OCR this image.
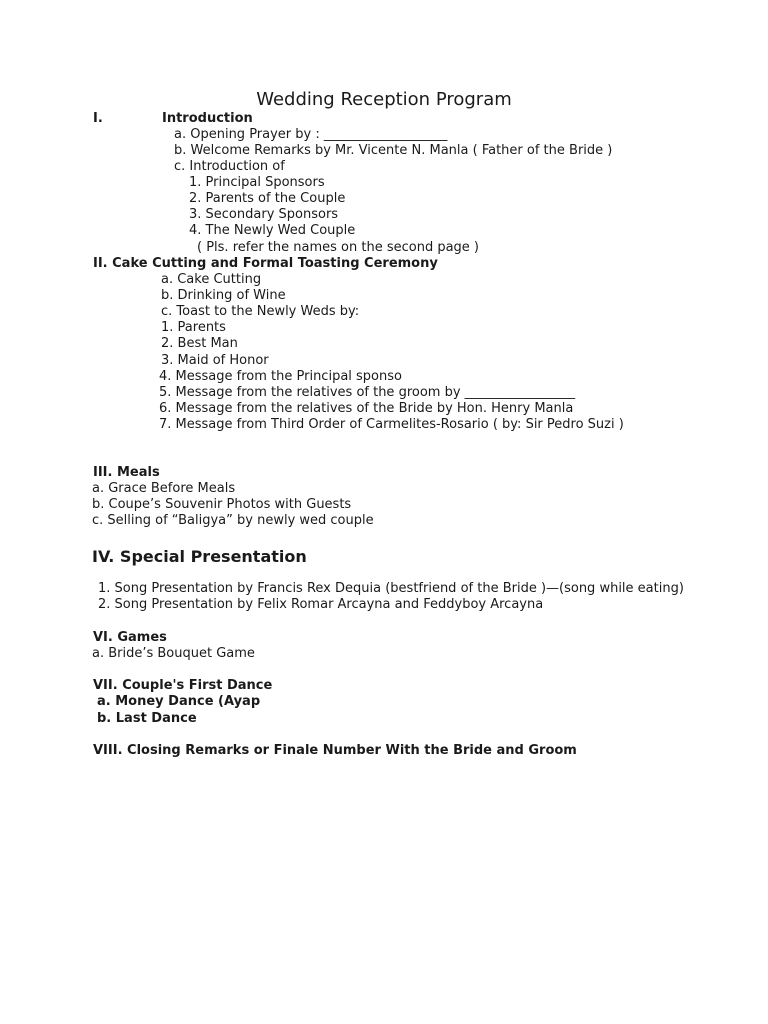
Wedding Reception Program
I.	Introduction
a. Opening Prayer by : ___________________
b. Welcome Remarks by Mr. Vicente N. Manla ( Father of the Bride )
c. Introduction of
1. Principal Sponsors
2. Parents of the Couple
3. Secondary Sponsors
4. The Newly Wed Couple
( Pls. refer the names on the second page )
II. Cake Cutting and Formal Toasting Ceremony
a. Cake Cutting
b. Drinking of Wine
c. Toast to the Newly Weds by:
1. Parents
2. Best Man
3. Maid of Honor
4. Message from the Principal sponso
5. Message from the relatives of the groom by _________________
6. Message from the relatives of the Bride by Hon. Henry Manla
7. Message from Third Order of Carmelites-Rosario ( by: Sir Pedro Suzi )
III. Meals
a. Grace Before Meals
b. Coupe’s Souvenir Photos with Guests
c. Selling of “Baligya” by newly wed couple
IV. Special Presentation
1. Song Presentation by Francis Rex Dequia (bestfriend of the Bride )—(song while eating)
2. Song Presentation by Felix Romar Arcayna and Feddyboy Arcayna
VI. Games
a. Bride’s Bouquet Game
VII. Couple's First Dance
a. Money Dance (Ayap
b. Last Dance
VIII. Closing Remarks or Finale Number With the Bride and Groom
